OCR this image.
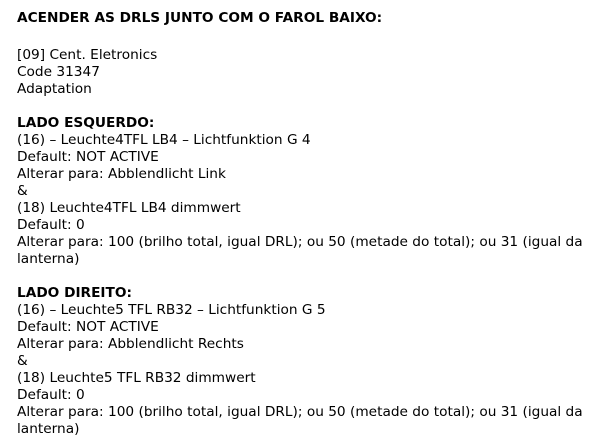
ACENDER AS DRLS JUNTO COM O FAROL BAIXO:
[09] Cent. Eletronics
Code 31347
Adaptation
LADO ESQUERDO:
(16) – Leuchte4TFL LB4 – Lichtfunktion G 4
Default: NOT ACTIVE
Alterar para: Abblendlicht Link
&
(18) Leuchte4TFL LB4 dimmwert
Default: 0
Alterar para: 100 (brilho total, igual DRL); ou 50 (metade do total); ou 31 (igual da
lanterna)
LADO DIREITO:
(16) – Leuchte5 TFL RB32 – Lichtfunktion G 5
Default: NOT ACTIVE
Alterar para: Abblendlicht Rechts
&
(18) Leuchte5 TFL RB32 dimmwert
Default: 0
Alterar para: 100 (brilho total, igual DRL); ou 50 (metade do total); ou 31 (igual da
lanterna)
